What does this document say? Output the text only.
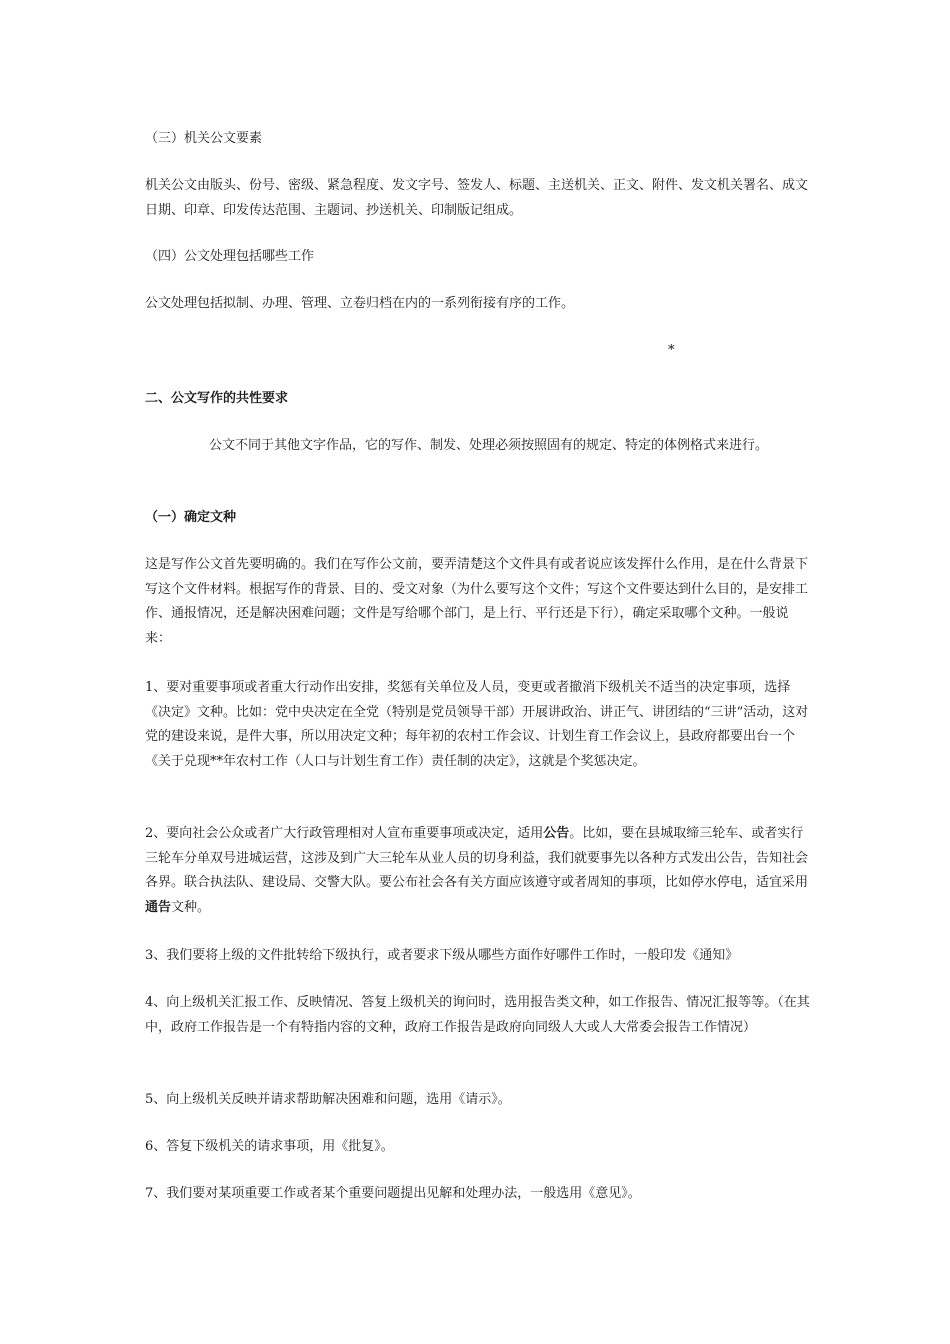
（三）机关公文要素

机关公文由版头、份号、密级、紧急程度、发文字号、签发人、标题、主送机关、正文、附件、发文机关署名、成文日期、印章、印发传达范围、主题词、抄送机关、印制版记组成。

（四）公文处理包括哪些工作

公文处理包括拟制、办理、管理、立卷归档在内的一系列衔接有序的工作。

*

二、公文写作的共性要求

公文不同于其他文字作品，它的写作、制发、处理必须按照固有的规定、特定的体例格式来进行。

（一）确定文种

这是写作公文首先要明确的。我们在写作公文前，要弄清楚这个文件具有或者说应该发挥什么作用，是在什么背景下写这个文件材料。根据写作的背景、目的、受文对象（为什么要写这个文件；写这个文件要达到什么目的，是安排工作、通报情况，还是解决困难问题；文件是写给哪个部门，是上行、平行还是下行），确定采取哪个文种。一般说来：

1、要对重要事项或者重大行动作出安排，奖惩有关单位及人员，变更或者撤消下级机关不适当的决定事项，选择《决定》文种。比如：党中央决定在全党（特别是党员领导干部）开展讲政治、讲正气、讲团结的“三讲”活动，这对党的建设来说，是件大事，所以用决定文种；每年初的农村工作会议、计划生育工作会议上，县政府都要出台一个《关于兑现**年农村工作（人口与计划生育工作）责任制的决定》，这就是个奖惩决定。

2、要向社会公众或者广大行政管理相对人宣布重要事项或决定，适用公告。比如，要在县城取缔三轮车、或者实行三轮车分单双号进城运营，这涉及到广大三轮车从业人员的切身利益，我们就要事先以各种方式发出公告，告知社会各界。联合执法队、建设局、交警大队。要公布社会各有关方面应该遵守或者周知的事项，比如停水停电，适宜采用通告文种。

3、我们要将上级的文件批转给下级执行，或者要求下级从哪些方面作好哪件工作时，一般印发《通知》

4、向上级机关汇报工作、反映情况、答复上级机关的询问时，选用报告类文种，如工作报告、情况汇报等等。（在其中，政府工作报告是一个有特指内容的文种，政府工作报告是政府向同级人大或人大常委会报告工作情况）

5、向上级机关反映并请求帮助解决困难和问题，选用《请示》。

6、答复下级机关的请求事项，用《批复》。

7、我们要对某项重要工作或者某个重要问题提出见解和处理办法，一般选用《意见》。
